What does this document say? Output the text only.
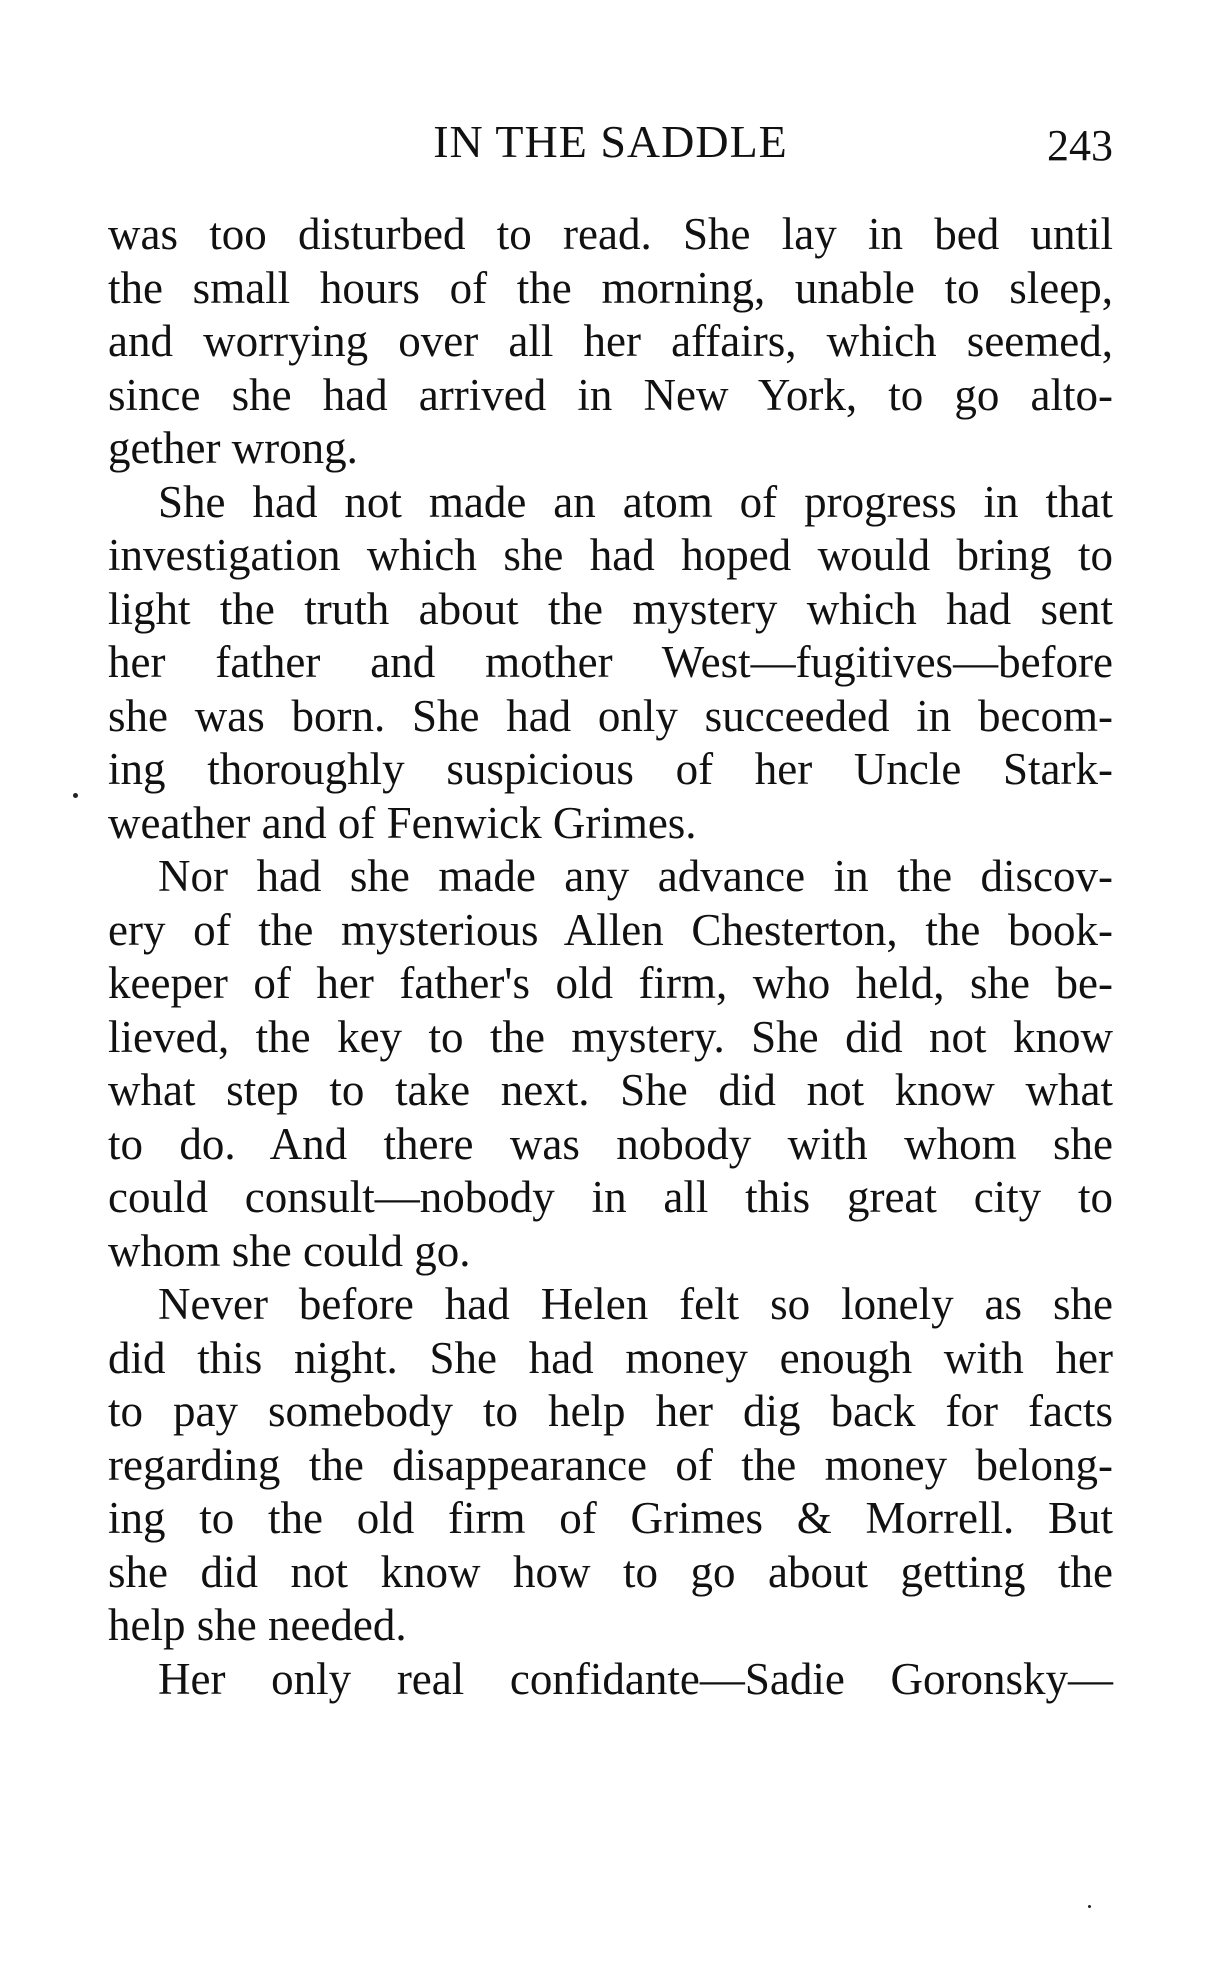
IN THE SADDLE	243
was too disturbed to read. She lay in bed until
the small hours of the morning, unable to sleep,
and worrying over all her affairs, which seemed,
since she had arrived in New York, to go alto-
gether wrong.
She had not made an atom of progress in that
investigation which she had hoped would bring to
light the truth about the mystery which had sent
her father and mother West—fugitives—before
she was born. She had only succeeded in becom-
ing thoroughly suspicious of her Uncle Stark-
weather and of Fenwick Grimes.
Nor had she made any advance in the discov-
ery of the mysterious Allen Chesterton, the book-
keeper of her father's old firm, who held, she be-
lieved, the key to the mystery. She did not know
what step to take next. She did not know what
to do. And there was nobody with whom she
could consult—nobody in all this great city to
whom she could go.
Never before had Helen felt so lonely as she
did this night. She had money enough with her
to pay somebody to help her dig back for facts
regarding the disappearance of the money belong-
ing to the old firm of Grimes & Morrell. But
she did not know how to go about getting the
help she needed.
Her only real confidante—Sadie Goronsky—
